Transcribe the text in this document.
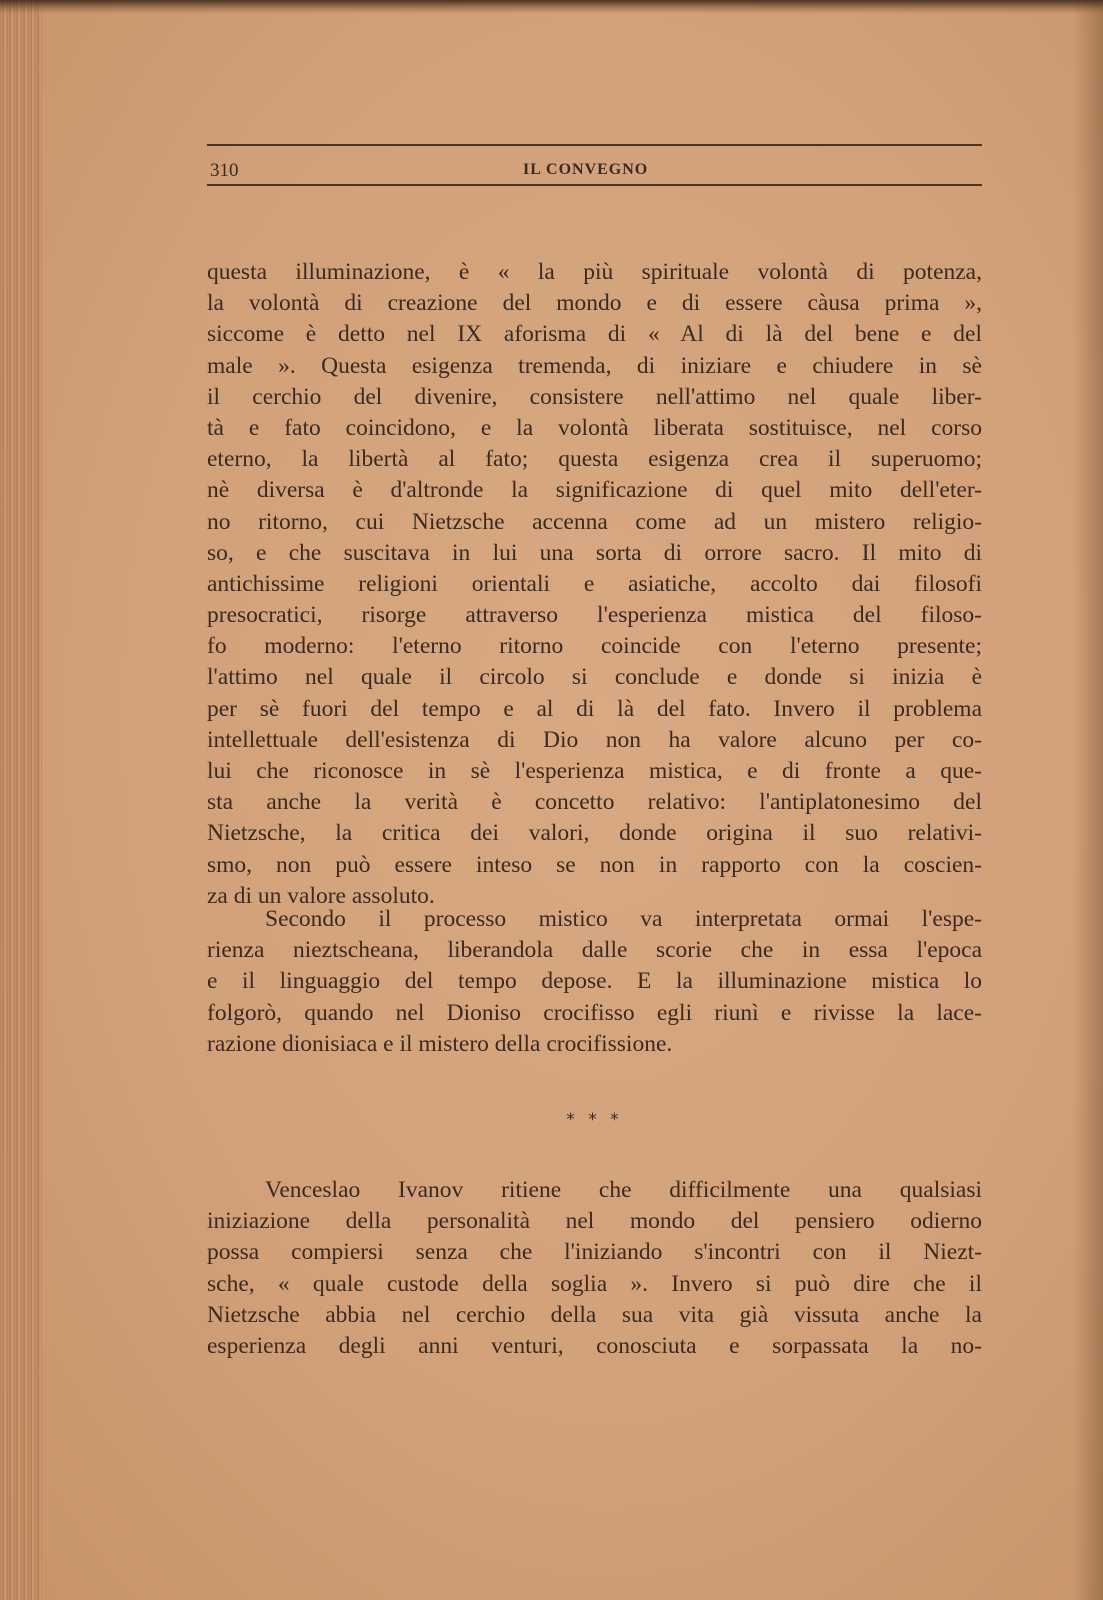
310	IL CONVEGNO
questa illuminazione, è « la più spirituale volontà di potenza,
la volontà di creazione del mondo e di essere càusa prima »,
siccome è detto nel IX aforisma di « Al di là del bene e del
male ». Questa esigenza tremenda, di iniziare e chiudere in sè
il cerchio del divenire, consistere nell'attimo nel quale liber-
tà e fato coincidono, e la volontà liberata sostituisce, nel corso
eterno, la libertà al fato; questa esigenza crea il superuomo;
nè diversa è d'altronde la significazione di quel mito dell'eter-
no ritorno, cui Nietzsche accenna come ad un mistero religio-
so, e che suscitava in lui una sorta di orrore sacro. Il mito di
antichissime religioni orientali e asiatiche, accolto dai filosofi
presocratici, risorge attraverso l'esperienza mistica del filoso-
fo moderno: l'eterno ritorno coincide con l'eterno presente;
l'attimo nel quale il circolo si conclude e donde si inizia è
per sè fuori del tempo e al di là del fato. Invero il problema
intellettuale dell'esistenza di Dio non ha valore alcuno per co-
lui che riconosce in sè l'esperienza mistica, e di fronte a que-
sta anche la verità è concetto relativo: l'antiplatonesimo del
Nietzsche, la critica dei valori, donde origina il suo relativi-
smo, non può essere inteso se non in rapporto con la coscien-
za di un valore assoluto.
Secondo il processo mistico va interpretata ormai l'espe-
rienza nieztscheana, liberandola dalle scorie che in essa l'epoca
e il linguaggio del tempo depose. E la illuminazione mistica lo
folgorò, quando nel Dioniso crocifisso egli riunì e rivisse la lace-
razione dionisiaca e il mistero della crocifissione.
* * *
Venceslao Ivanov ritiene che difficilmente una qualsiasi
iniziazione della personalità nel mondo del pensiero odierno
possa compiersi senza che l'iniziando s'incontri con il Niezt-
sche, « quale custode della soglia ». Invero si può dire che il
Nietzsche abbia nel cerchio della sua vita già vissuta anche la
esperienza degli anni venturi, conosciuta e sorpassata la no-
